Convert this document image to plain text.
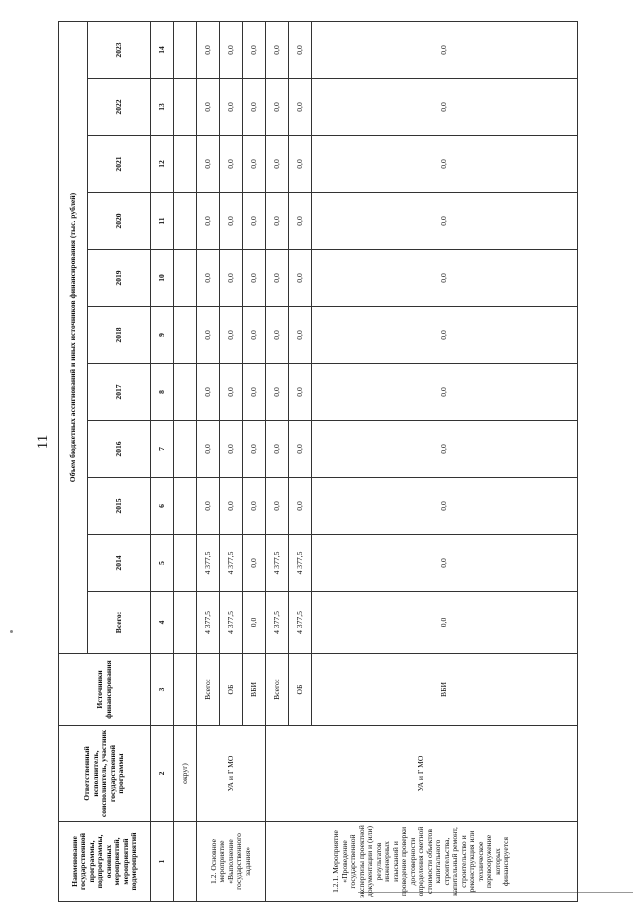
11
Наименование государственной программы, подпрограммы, основных мероприятий, мероприятий подмероприятий	Ответственный исполнитель, соисполнитель, участник государственной программы	Источники финансирования	Объем бюджетных ассигнований и иных источников финансирования (тыс. рублей)										
			Всего:	2014	2015	2016	2017	2018	2019	2020	2021	2022	2023
1	2	3	4	5	6	7	8	9	10	11	12	13	14
	округ)												
1.2. Основное мероприятие «Выполнение государственного задания»	УА и Г МО	Всего:	4 377,5	4 377,5	0,0	0,0	0,0	0,0	0,0	0,0	0,0	0,0	0,0
		ОБ	4 377,5	4 377,5	0,0	0,0	0,0	0,0	0,0	0,0	0,0	0,0	0,0
		ВБИ	0,0	0,0	0,0	0,0	0,0	0,0	0,0	0,0	0,0	0,0	0,0
1.2.1. Мероприятие «Проведение государственной экспертизы проектной документации и (или) результатов инженерных изысканий и проведение проверки достоверности определения сметной стоимости объектов капитального строительства, капитальный ремонт, строительство и реконструкция или техническое перевооружение которых финансируется	УА и Г МО	Всего:	4 377,5	4 377,5	0,0	0,0	0,0	0,0	0,0	0,0	0,0	0,0	0,0
		ОБ	4 377,5	4 377,5	0,0	0,0	0,0	0,0	0,0	0,0	0,0	0,0	0,0
		ВБИ	0,0	0,0	0,0	0,0	0,0	0,0	0,0	0,0	0,0	0,0	0,0
